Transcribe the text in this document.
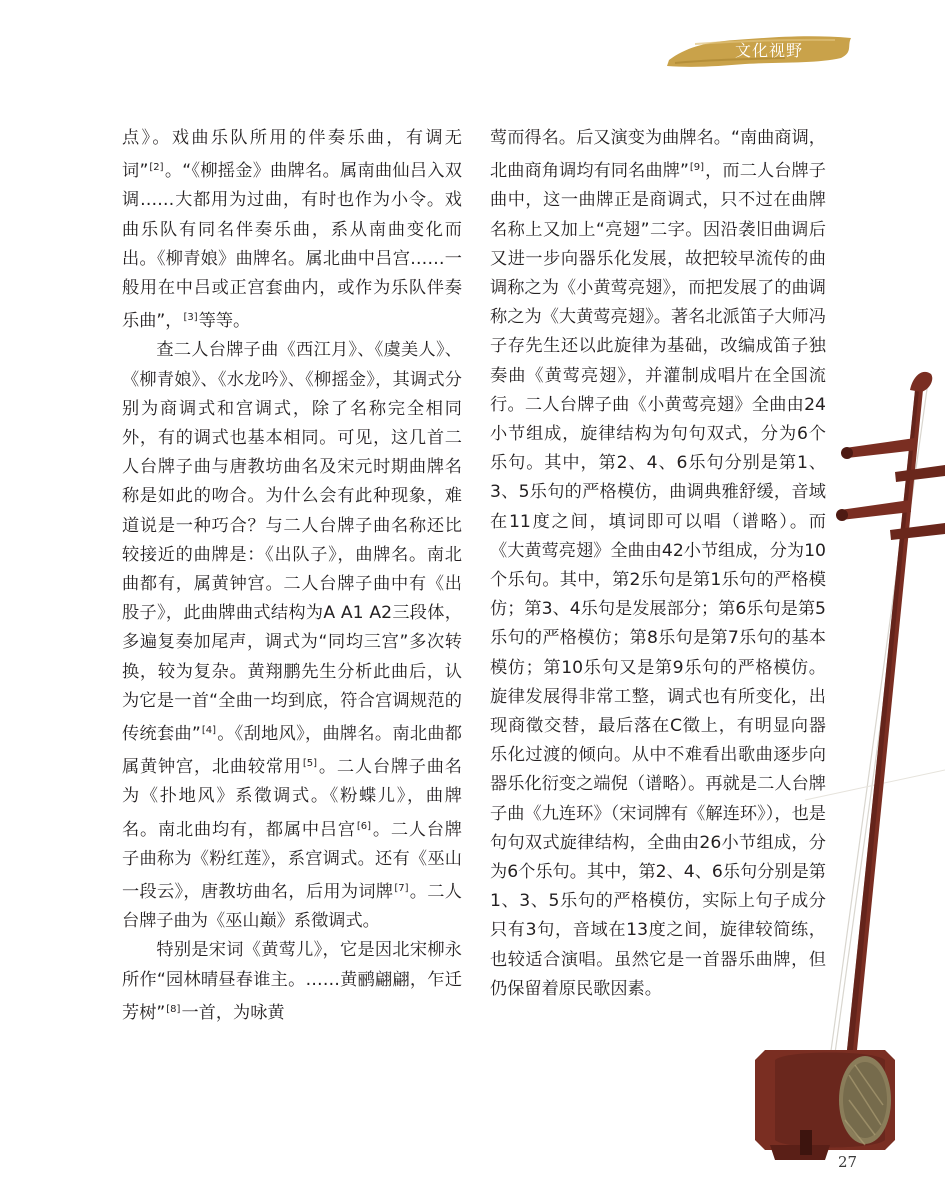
文化视野

点》。戏曲乐队所用的伴奏乐曲，有调无词”[2]。“《柳摇金》曲牌名。属南曲仙吕入双调……大都用为过曲，有时也作为小令。戏曲乐队有同名伴奏乐曲，系从南曲变化而出。《柳青娘》曲牌名。属北曲中吕宫……一般用在中吕或正宫套曲内，或作为乐队伴奏乐曲”，[3]等等。

查二人台牌子曲《西江月》、《虞美人》、《柳青娘》、《水龙吟》、《柳摇金》，其调式分别为商调式和宫调式，除了名称完全相同外，有的调式也基本相同。可见，这几首二人台牌子曲与唐教坊曲名及宋元时期曲牌名称是如此的吻合。为什么会有此种现象，难道说是一种巧合？与二人台牌子曲名称还比较接近的曲牌是：《出队子》，曲牌名。南北曲都有，属黄钟宫。二人台牌子曲中有《出股子》，此曲牌曲式结构为A A1 A2三段体，多遍复奏加尾声，调式为“同均三宫”多次转换，较为复杂。黄翔鹏先生分析此曲后，认为它是一首“全曲一均到底，符合宫调规范的传统套曲”[4]。《刮地风》，曲牌名。南北曲都属黄钟宫，北曲较常用[5]。二人台牌子曲名为《扑地风》系徵调式。《粉蝶儿》，曲牌名。南北曲均有，都属中吕宫[6]。二人台牌子曲称为《粉红莲》，系宫调式。还有《巫山一段云》，唐教坊曲名，后用为词牌[7]。二人台牌子曲为《巫山巅》系徵调式。

特别是宋词《黄莺儿》，它是因北宋柳永所作“园林晴昼春谁主。……黄鹂翩翩，乍迁芳树”[8]一首，为咏黄

莺而得名。后又演变为曲牌名。“南曲商调，北曲商角调均有同名曲牌”[9]，而二人台牌子曲中，这一曲牌正是商调式，只不过在曲牌名称上又加上“亮翅”二字。因沿袭旧曲调后又进一步向器乐化发展，故把较早流传的曲调称之为《小黄莺亮翅》，而把发展了的曲调称之为《大黄莺亮翅》。著名北派笛子大师冯子存先生还以此旋律为基础，改编成笛子独奏曲《黄莺亮翅》，并灌制成唱片在全国流行。二人台牌子曲《小黄莺亮翅》全曲由24小节组成，旋律结构为句句双式，分为6个乐句。其中，第2、4、6乐句分别是第1、3、5乐句的严格模仿，曲调典雅舒缓，音域在11度之间，填词即可以唱（谱略）。而《大黄莺亮翅》全曲由42小节组成，分为10个乐句。其中，第2乐句是第1乐句的严格模仿；第3、4乐句是发展部分；第6乐句是第5乐句的严格模仿；第8乐句是第7乐句的基本模仿；第10乐句又是第9乐句的严格模仿。旋律发展得非常工整，调式也有所变化，出现商徵交替，最后落在C徵上，有明显向器乐化过渡的倾向。从中不难看出歌曲逐步向器乐化衍变之端倪（谱略）。再就是二人台牌子曲《九连环》（宋词牌有《解连环》），也是句句双式旋律结构，全曲由26小节组成，分为6个乐句。其中，第2、4、6乐句分别是第1、3、5乐句的严格模仿，实际上句子成分只有3句，音域在13度之间，旋律较简练，也较适合演唱。虽然它是一首器乐曲牌，但仍保留着原民歌因素。

27
